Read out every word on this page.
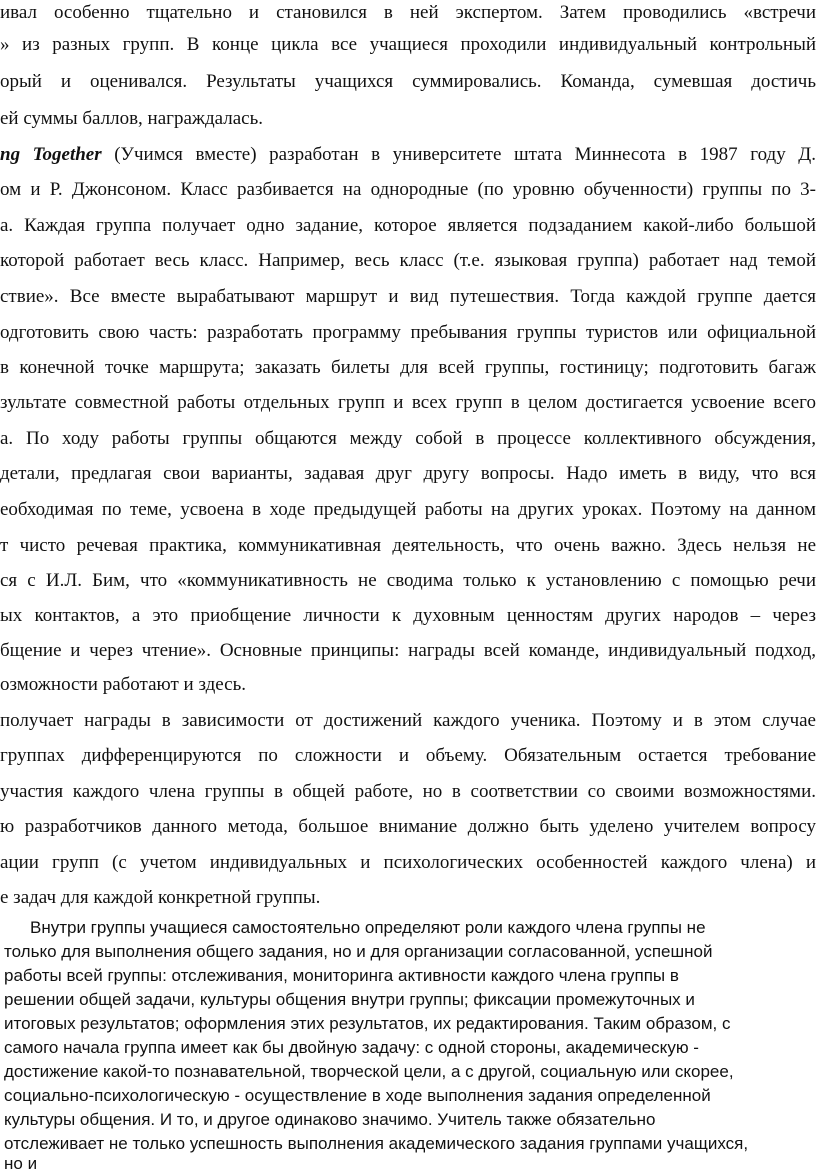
ивал особенно тщательно и становился в ней экспертом. Затем проводились «встречи
» из разных групп. В конце цикла все учащиеся проходили индивидуальный контрольный
орый и оценивался. Результаты учащихся суммировались. Команда, сумевшая достичь
ей суммы баллов, награждалась.
ng Together (Учимся вместе) разработан в университете штата Миннесота в 1987 году Д.
ом и Р. Джонсоном. Класс разбивается на однородные (по уровню обученности) группы по 3-
а. Каждая группа получает одно задание, которое является подзаданием какой-либо большой
которой работает весь класс. Например, весь класс (т.е. языковая группа) работает над темой
ствие». Все вместе вырабатывают маршрут и вид путешествия. Тогда каждой группе дается
одготовить свою часть: разработать программу пребывания группы туристов или официальной
в конечной точке маршрута; заказать билеты для всей группы, гостиницу; подготовить багаж
зультате совместной работы отдельных групп и всех групп в целом достигается усвоение всего
а. По ходу работы группы общаются между собой в процессе коллективного обсуждения,
детали, предлагая свои варианты, задавая друг другу вопросы. Надо иметь в виду, что вся
еобходимая по теме, усвоена в ходе предыдущей работы на других уроках. Поэтому на данном
т чисто речевая практика, коммуникативная деятельность, что очень важно. Здесь нельзя не
ся с И.Л. Бим, что «коммуникативность не сводима только к установлению с помощью речи
ых контактов, а это приобщение личности к духовным ценностям других народов – через
бщение и через чтение». Основные принципы: награды всей команде, индивидуальный подход,
озможности работают и здесь.
получает награды в зависимости от достижений каждого ученика. Поэтому и в этом случае
группах дифференцируются по сложности и объему. Обязательным остается требование
участия каждого члена группы в общей работе, но в соответствии со своими возможностями.
ю разработчиков данного метода, большое внимание должно быть уделено учителем вопросу
ации групп (с учетом индивидуальных и психологических особенностей каждого члена) и
е задач для каждой конкретной группы.
Внутри группы учащиеся самостоятельно определяют роли каждого члена группы не
только для выполнения общего задания, но и для организации согласованной, успешной
работы всей группы: отслеживания, мониторинга активности каждого члена группы в
решении общей задачи, культуры общения внутри группы; фиксации промежуточных и
итоговых результатов; оформления этих результатов, их редактирования. Таким образом, с
самого начала группа имеет как бы двойную задачу: с одной стороны, академическую -
достижение какой-то познавательной, творческой цели, а с другой, социальную или скорее,
социально-психологическую - осуществление в ходе выполнения задания определенной
культуры общения. И то, и другое одинаково значимо. Учитель также обязательно
отслеживает не только успешность выполнения академического задания группами учащихся,
но и
